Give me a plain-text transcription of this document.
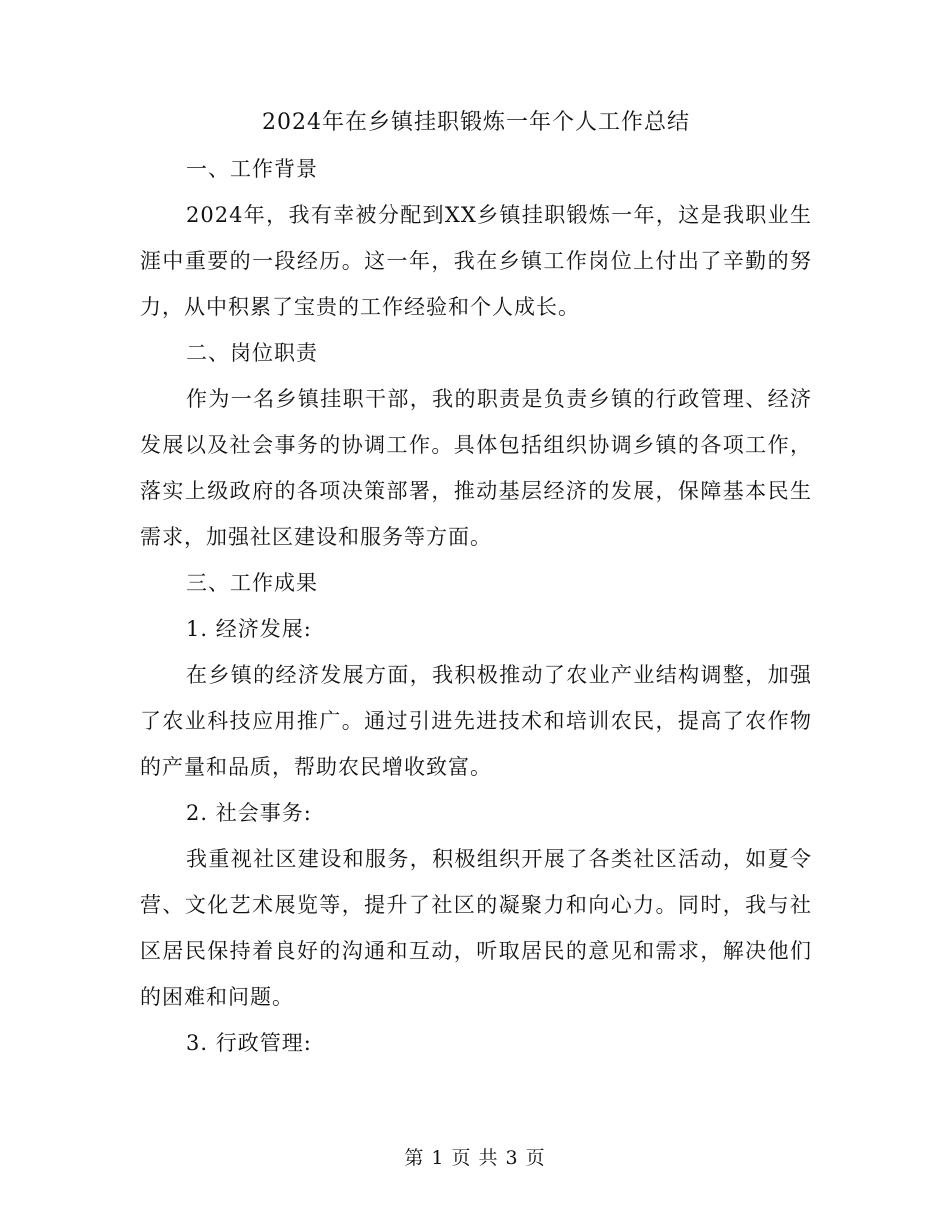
2024年在乡镇挂职锻炼一年个人工作总结

一、工作背景

2024年，我有幸被分配到XX乡镇挂职锻炼一年，这是我职业生涯中重要的一段经历。这一年，我在乡镇工作岗位上付出了辛勤的努力，从中积累了宝贵的工作经验和个人成长。

二、岗位职责

作为一名乡镇挂职干部，我的职责是负责乡镇的行政管理、经济发展以及社会事务的协调工作。具体包括组织协调乡镇的各项工作，落实上级政府的各项决策部署，推动基层经济的发展，保障基本民生需求，加强社区建设和服务等方面。

三、工作成果

1. 经济发展:

在乡镇的经济发展方面，我积极推动了农业产业结构调整，加强了农业科技应用推广。通过引进先进技术和培训农民，提高了农作物的产量和品质，帮助农民增收致富。

2. 社会事务:

我重视社区建设和服务，积极组织开展了各类社区活动，如夏令营、文化艺术展览等，提升了社区的凝聚力和向心力。同时，我与社区居民保持着良好的沟通和互动，听取居民的意见和需求，解决他们的困难和问题。

3. 行政管理:

第 1 页 共 3 页
